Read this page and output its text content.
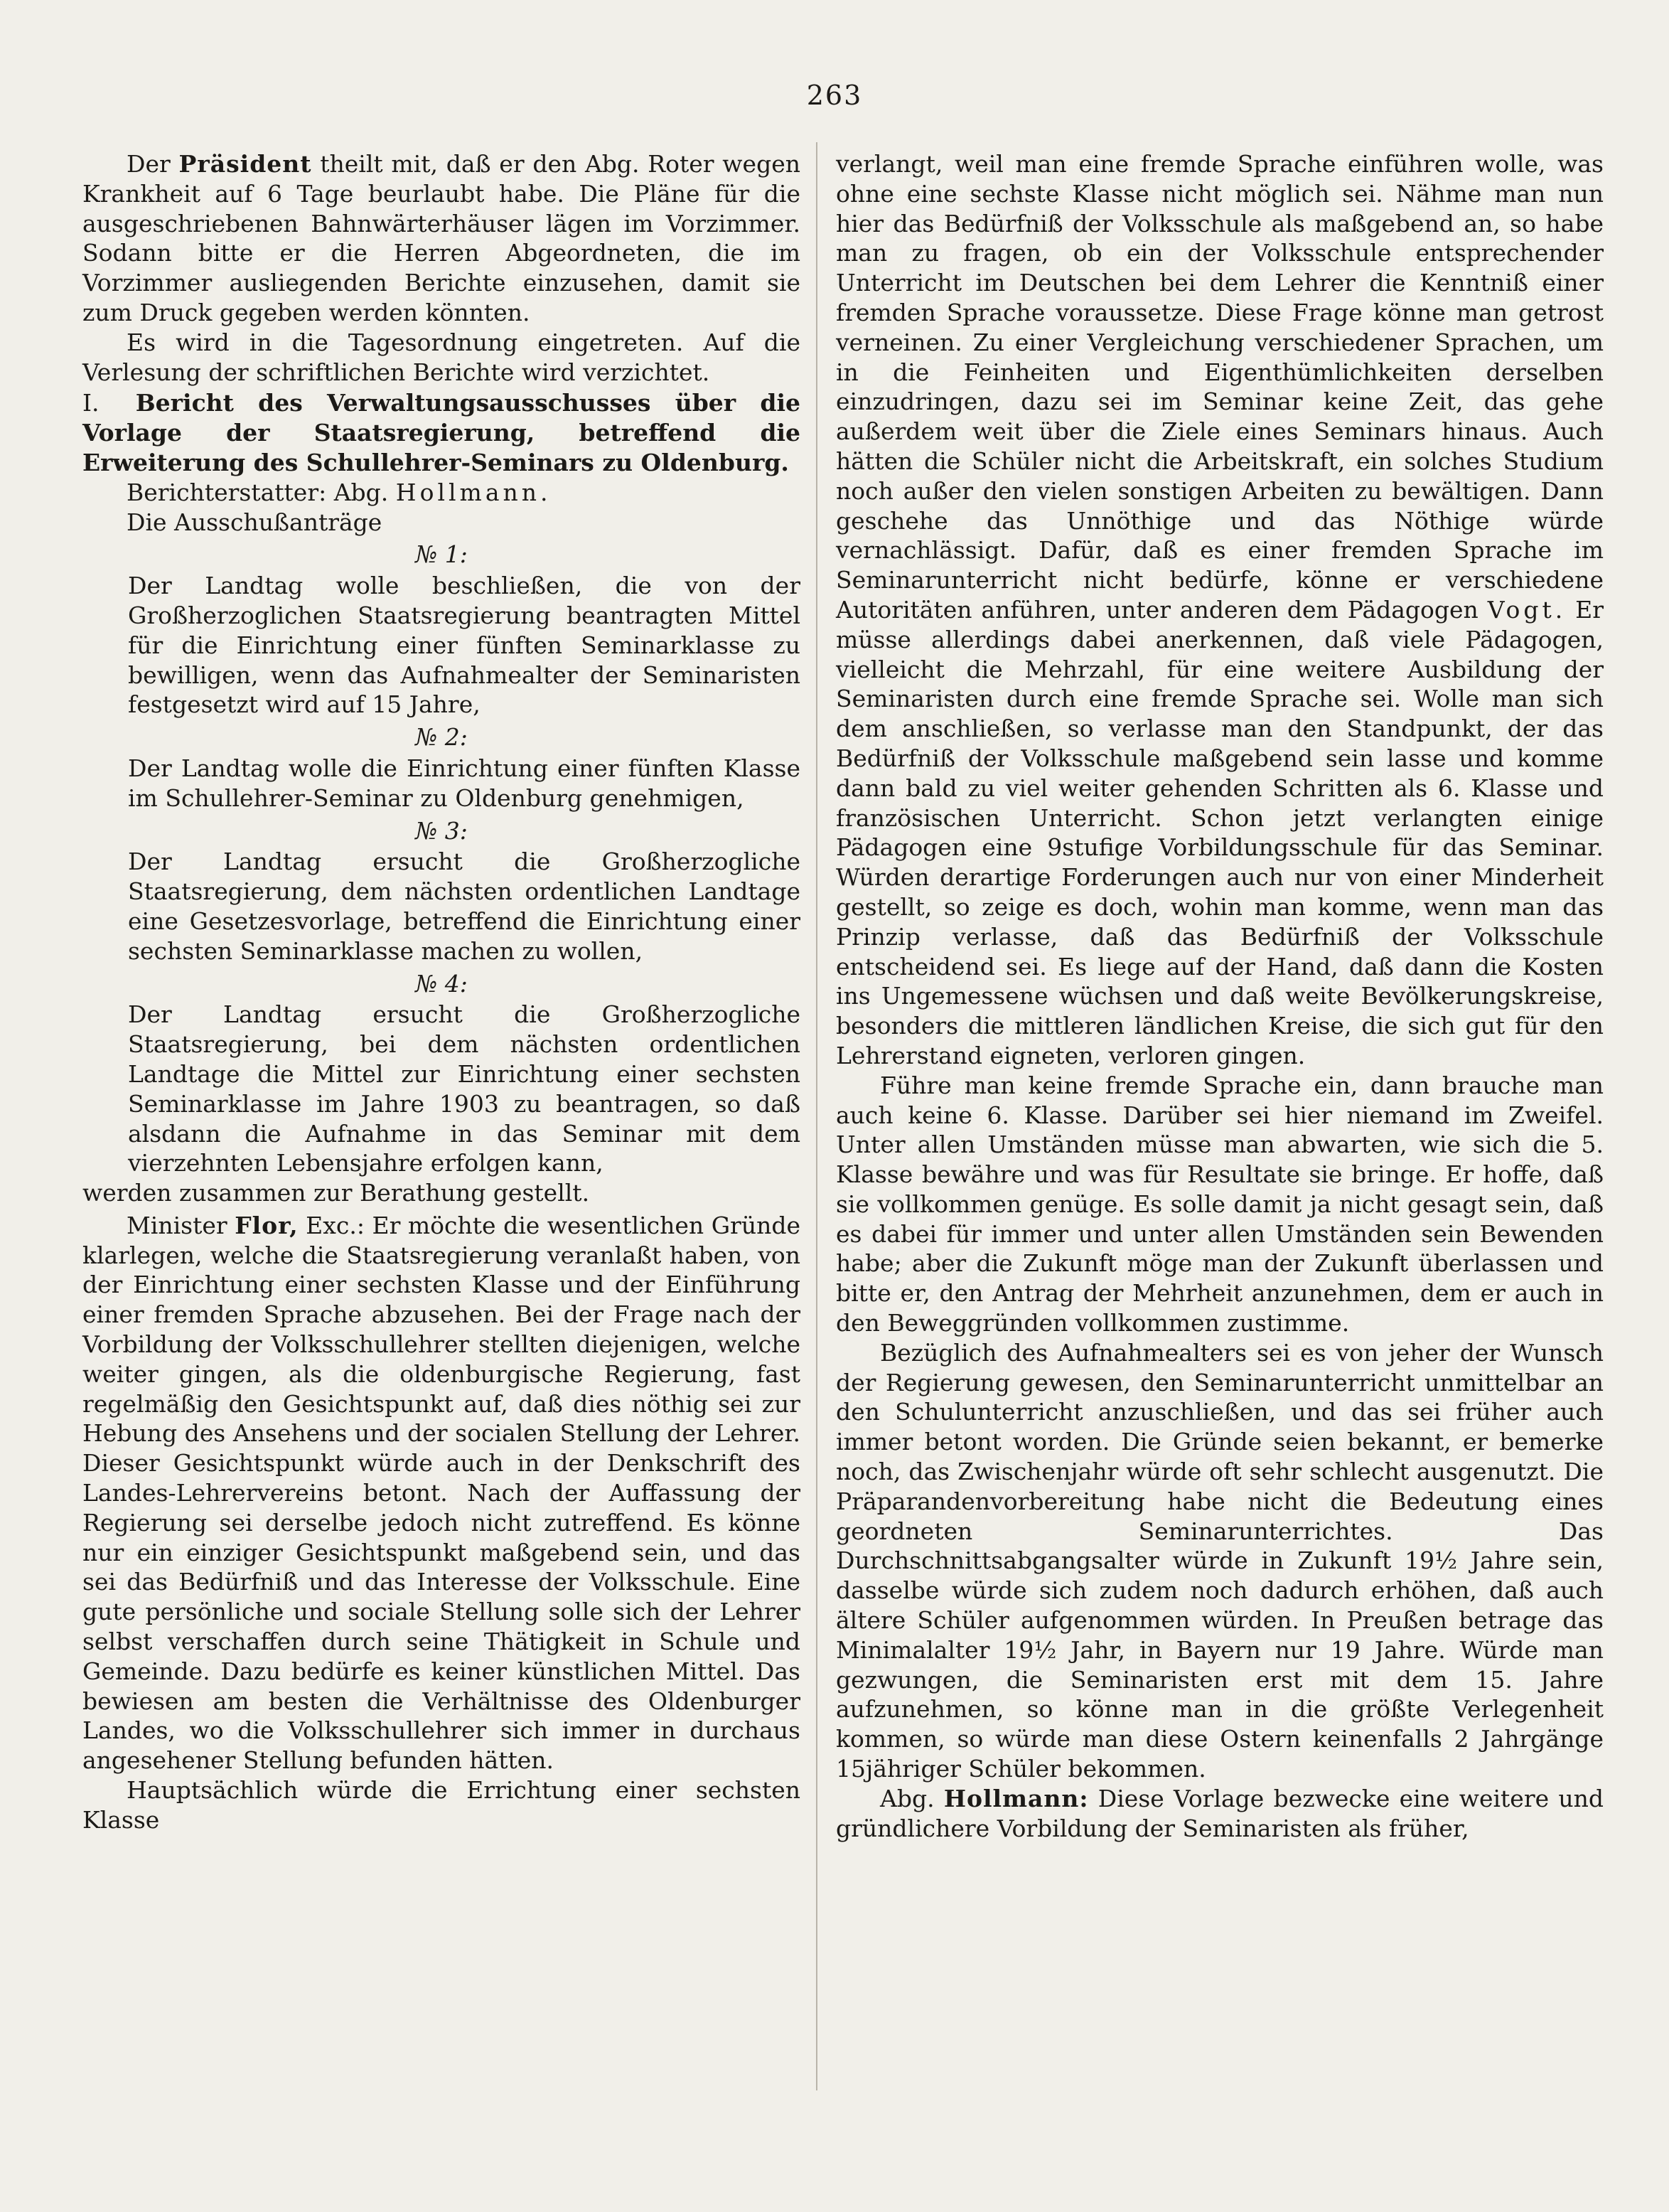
263

Der Präsident theilt mit, daß er den Abg. Roter wegen Krankheit auf 6 Tage beurlaubt habe. Die Pläne für die ausgeschriebenen Bahnwärterhäuser lägen im Vorzimmer. Sodann bitte er die Herren Abgeordneten, die im Vorzimmer ausliegenden Berichte einzusehen, damit sie zum Druck gegeben werden könnten.

Es wird in die Tagesordnung eingetreten. Auf die Verlesung der schriftlichen Berichte wird verzichtet.

I. Bericht des Verwaltungsausschusses über die Vorlage der Staatsregierung, betreffend die Erweiterung des Schullehrer-Seminars zu Oldenburg.

Berichterstatter: Abg. Hollmann.

Die Ausschußanträge

№ 1:

Der Landtag wolle beschließen, die von der Großherzoglichen Staatsregierung beantragten Mittel für die Einrichtung einer fünften Seminarklasse zu bewilligen, wenn das Aufnahmealter der Seminaristen festgesetzt wird auf 15 Jahre,

№ 2:

Der Landtag wolle die Einrichtung einer fünften Klasse im Schullehrer-Seminar zu Oldenburg genehmigen,

№ 3:

Der Landtag ersucht die Großherzogliche Staatsregierung, dem nächsten ordentlichen Landtage eine Gesetzesvorlage, betreffend die Einrichtung einer sechsten Seminarklasse machen zu wollen,

№ 4:

Der Landtag ersucht die Großherzogliche Staatsregierung, bei dem nächsten ordentlichen Landtage die Mittel zur Einrichtung einer sechsten Seminarklasse im Jahre 1903 zu beantragen, so daß alsdann die Aufnahme in das Seminar mit dem vierzehnten Lebensjahre erfolgen kann,

werden zusammen zur Berathung gestellt.

Minister Flor, Exc.: Er möchte die wesentlichen Gründe klarlegen, welche die Staatsregierung veranlaßt haben, von der Einrichtung einer sechsten Klasse und der Einführung einer fremden Sprache abzusehen. Bei der Frage nach der Vorbildung der Volksschullehrer stellten diejenigen, welche weiter gingen, als die oldenburgische Regierung, fast regelmäßig den Gesichtspunkt auf, daß dies nöthig sei zur Hebung des Ansehens und der socialen Stellung der Lehrer. Dieser Gesichtspunkt würde auch in der Denkschrift des Landes-Lehrervereins betont. Nach der Auffassung der Regierung sei derselbe jedoch nicht zutreffend. Es könne nur ein einziger Gesichtspunkt maßgebend sein, und das sei das Bedürfniß und das Interesse der Volksschule. Eine gute persönliche und sociale Stellung solle sich der Lehrer selbst verschaffen durch seine Thätigkeit in Schule und Gemeinde. Dazu bedürfe es keiner künstlichen Mittel. Das bewiesen am besten die Verhältnisse des Oldenburger Landes, wo die Volksschullehrer sich immer in durchaus angesehener Stellung befunden hätten.

Hauptsächlich würde die Errichtung einer sechsten Klasse

verlangt, weil man eine fremde Sprache einführen wolle, was ohne eine sechste Klasse nicht möglich sei. Nähme man nun hier das Bedürfniß der Volksschule als maßgebend an, so habe man zu fragen, ob ein der Volksschule entsprechender Unterricht im Deutschen bei dem Lehrer die Kenntniß einer fremden Sprache voraussetze. Diese Frage könne man getrost verneinen. Zu einer Vergleichung verschiedener Sprachen, um in die Feinheiten und Eigenthümlichkeiten derselben einzudringen, dazu sei im Seminar keine Zeit, das gehe außerdem weit über die Ziele eines Seminars hinaus. Auch hätten die Schüler nicht die Arbeitskraft, ein solches Studium noch außer den vielen sonstigen Arbeiten zu bewältigen. Dann geschehe das Unnöthige und das Nöthige würde vernachlässigt. Dafür, daß es einer fremden Sprache im Seminarunterricht nicht bedürfe, könne er verschiedene Autoritäten anführen, unter anderen dem Pädagogen Vogt. Er müsse allerdings dabei anerkennen, daß viele Pädagogen, vielleicht die Mehrzahl, für eine weitere Ausbildung der Seminaristen durch eine fremde Sprache sei. Wolle man sich dem anschließen, so verlasse man den Standpunkt, der das Bedürfniß der Volksschule maßgebend sein lasse und komme dann bald zu viel weiter gehenden Schritten als 6. Klasse und französischen Unterricht. Schon jetzt verlangten einige Pädagogen eine 9stufige Vorbildungsschule für das Seminar. Würden derartige Forderungen auch nur von einer Minderheit gestellt, so zeige es doch, wohin man komme, wenn man das Prinzip verlasse, daß das Bedürfniß der Volksschule entscheidend sei. Es liege auf der Hand, daß dann die Kosten ins Ungemessene wüchsen und daß weite Bevölkerungskreise, besonders die mittleren ländlichen Kreise, die sich gut für den Lehrerstand eigneten, verloren gingen.

Führe man keine fremde Sprache ein, dann brauche man auch keine 6. Klasse. Darüber sei hier niemand im Zweifel. Unter allen Umständen müsse man abwarten, wie sich die 5. Klasse bewähre und was für Resultate sie bringe. Er hoffe, daß sie vollkommen genüge. Es solle damit ja nicht gesagt sein, daß es dabei für immer und unter allen Umständen sein Bewenden habe; aber die Zukunft möge man der Zukunft überlassen und bitte er, den Antrag der Mehrheit anzunehmen, dem er auch in den Beweggründen vollkommen zustimme.

Bezüglich des Aufnahmealters sei es von jeher der Wunsch der Regierung gewesen, den Seminarunterricht unmittelbar an den Schulunterricht anzuschließen, und das sei früher auch immer betont worden. Die Gründe seien bekannt, er bemerke noch, das Zwischenjahr würde oft sehr schlecht ausgenutzt. Die Präparandenvorbereitung habe nicht die Bedeutung eines geordneten Seminarunterrichtes. Das Durchschnittsabgangsalter würde in Zukunft 19½ Jahre sein, dasselbe würde sich zudem noch dadurch erhöhen, daß auch ältere Schüler aufgenommen würden. In Preußen betrage das Minimalalter 19½ Jahr, in Bayern nur 19 Jahre. Würde man gezwungen, die Seminaristen erst mit dem 15. Jahre aufzunehmen, so könne man in die größte Verlegenheit kommen, so würde man diese Ostern keinenfalls 2 Jahrgänge 15jähriger Schüler bekommen.

Abg. Hollmann: Diese Vorlage bezwecke eine weitere und gründlichere Vorbildung der Seminaristen als früher,
